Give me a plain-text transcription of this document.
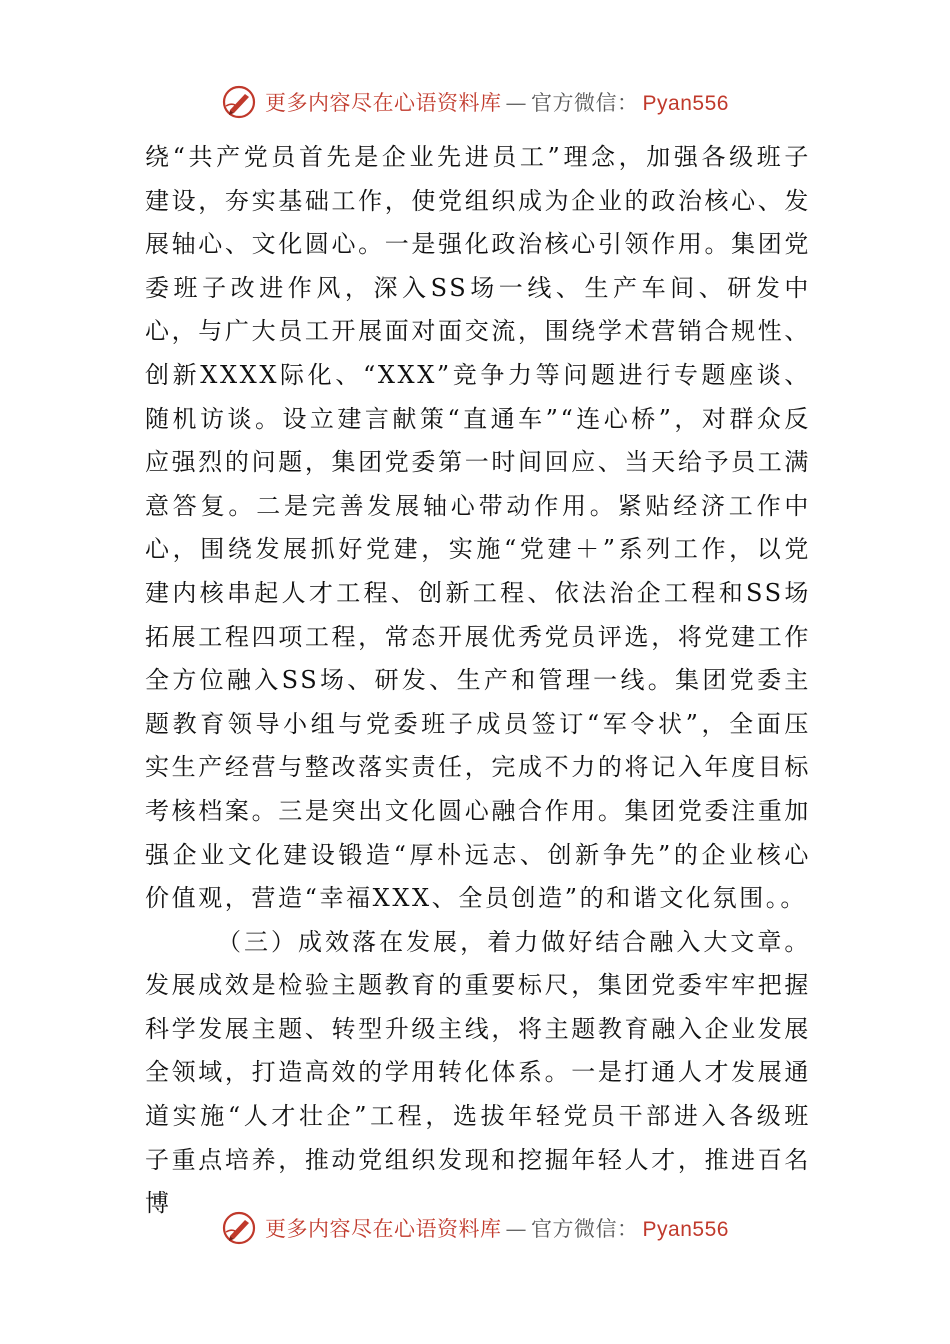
更多内容尽在心语资料库 — 官方微信： Pyan556

绕“共产党员首先是企业先进员工”理念，加强各级班子建设，夯实基础工作，使党组织成为企业的政治核心、发展轴心、文化圆心。一是强化政治核心引领作用。集团党委班子改进作风，深入SS场一线、生产车间、研发中心，与广大员工开展面对面交流，围绕学术营销合规性、创新XXXX际化、“XXX”竞争力等问题进行专题座谈、随机访谈。设立建言献策“直通车”“连心桥”，对群众反应强烈的问题，集团党委第一时间回应、当天给予员工满意答复。二是完善发展轴心带动作用。紧贴经济工作中心，围绕发展抓好党建，实施“党建＋”系列工作，以党建内核串起人才工程、创新工程、依法治企工程和SS场拓展工程四项工程，常态开展优秀党员评选，将党建工作全方位融入SS场、研发、生产和管理一线。集团党委主题教育领导小组与党委班子成员签订“军令状”，全面压实生产经营与整改落实责任，完成不力的将记入年度目标考核档案。三是突出文化圆心融合作用。集团党委注重加强企业文化建设锻造“厚朴远志、创新争先”的企业核心价值观，营造“幸福XXX、全员创造”的和谐文化氛围。。

（三）成效落在发展，着力做好结合融入大文章。发展成效是检验主题教育的重要标尺，集团党委牢牢把握科学发展主题、转型升级主线，将主题教育融入企业发展全领域，打造高效的学用转化体系。一是打通人才发展通道实施“人才壮企”工程，选拔年轻党员干部进入各级班子重点培养，推动党组织发现和挖掘年轻人才，推进百名博

更多内容尽在心语资料库 — 官方微信： Pyan556
